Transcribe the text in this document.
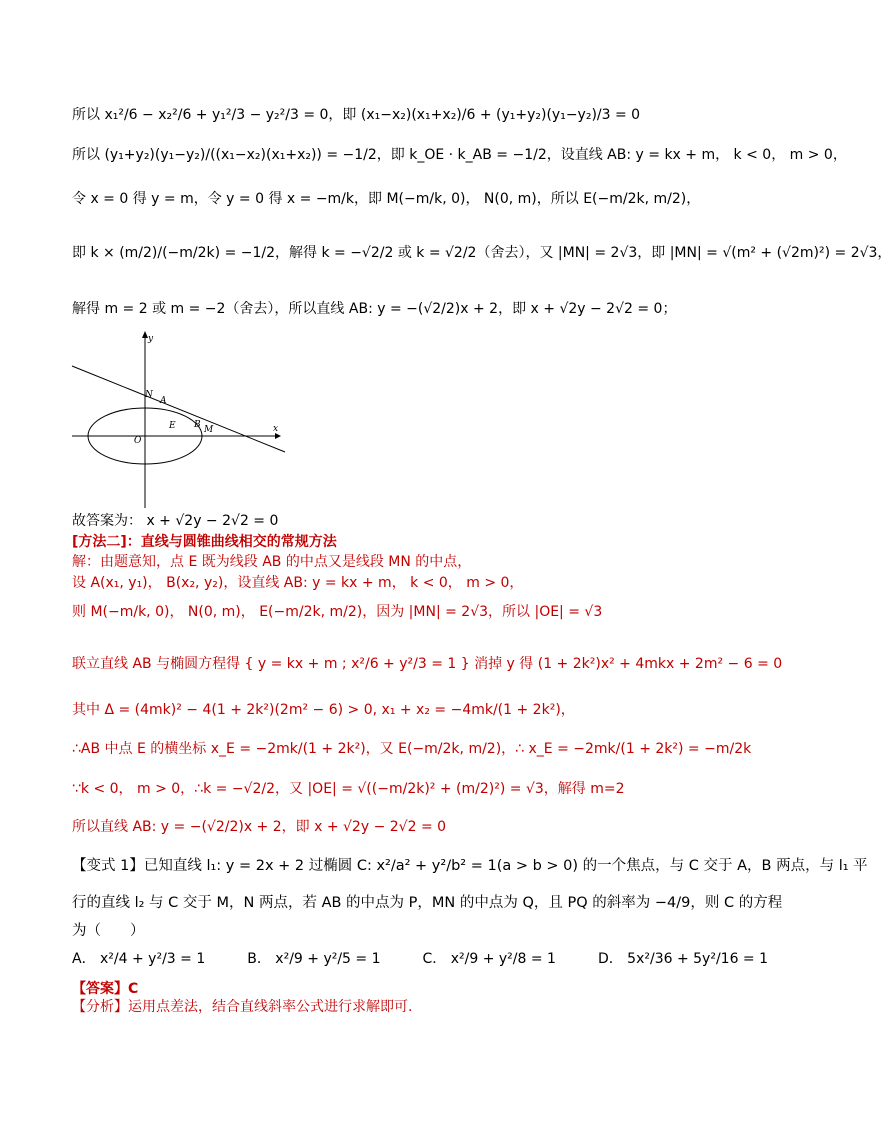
所以 x₁²/6 − x₂²/6 + y₁²/3 − y₂²/3 = 0，即 (x₁−x₂)(x₁+x₂)/6 + (y₁+y₂)(y₁−y₂)/3 = 0
所以 (y₁+y₂)(y₁−y₂)/((x₁−x₂)(x₁+x₂)) = −1/2，即 k_OE · k_AB = −1/2，设直线 AB: y = kx + m， k < 0， m > 0，
令 x = 0 得 y = m，令 y = 0 得 x = −m/k，即 M(−m/k, 0)， N(0, m)，所以 E(−m/2k, m/2)，
即 k × (m/2)/(−m/2k) = −1/2，解得 k = −√2/2 或 k = √2/2（舍去），又 |MN| = 2√3，即 |MN| = √(m² + (√2m)²) = 2√3，
解得 m = 2 或 m = −2（舍去），所以直线 AB: y = −(√2/2)x + 2，即 x + √2y − 2√2 = 0；
x
y
O
N
A
E B M
故答案为： x + √2y − 2√2 = 0
[方法二]：直线与圆锥曲线相交的常规方法
解：由题意知，点 E 既为线段 AB 的中点又是线段 MN 的中点，
设 A(x₁, y₁)， B(x₂, y₂)，设直线 AB: y = kx + m， k < 0， m > 0，
则 M(−m/k, 0)， N(0, m)， E(−m/2k, m/2)，因为 |MN| = 2√3，所以 |OE| = √3
联立直线 AB 与椭圆方程得 { y = kx + m ; x²/6 + y²/3 = 1 } 消掉 y 得 (1 + 2k²)x² + 4mkx + 2m² − 6 = 0
其中 Δ = (4mk)² − 4(1 + 2k²)(2m² − 6) > 0, x₁ + x₂ = −4mk/(1 + 2k²)，
∴AB 中点 E 的横坐标 x_E = −2mk/(1 + 2k²)，又 E(−m/2k, m/2)，∴ x_E = −2mk/(1 + 2k²) = −m/2k
∵k < 0， m > 0，∴k = −√2/2，又 |OE| = √((−m/2k)² + (m/2)²) = √3，解得 m=2
所以直线 AB: y = −(√2/2)x + 2，即 x + √2y − 2√2 = 0
【变式 1】已知直线 l₁: y = 2x + 2 过椭圆 C: x²/a² + y²/b² = 1(a > b > 0) 的一个焦点，与 C 交于 A，B 两点，与 l₁ 平
行的直线 l₂ 与 C 交于 M，N 两点，若 AB 的中点为 P，MN 的中点为 Q，且 PQ 的斜率为 −4/9，则 C 的方程
为（　　）
A． x²/4 + y²/3 = 1　　　B． x²/9 + y²/5 = 1　　　C． x²/9 + y²/8 = 1　　　D． 5x²/36 + 5y²/16 = 1
【答案】C
【分析】运用点差法，结合直线斜率公式进行求解即可.
